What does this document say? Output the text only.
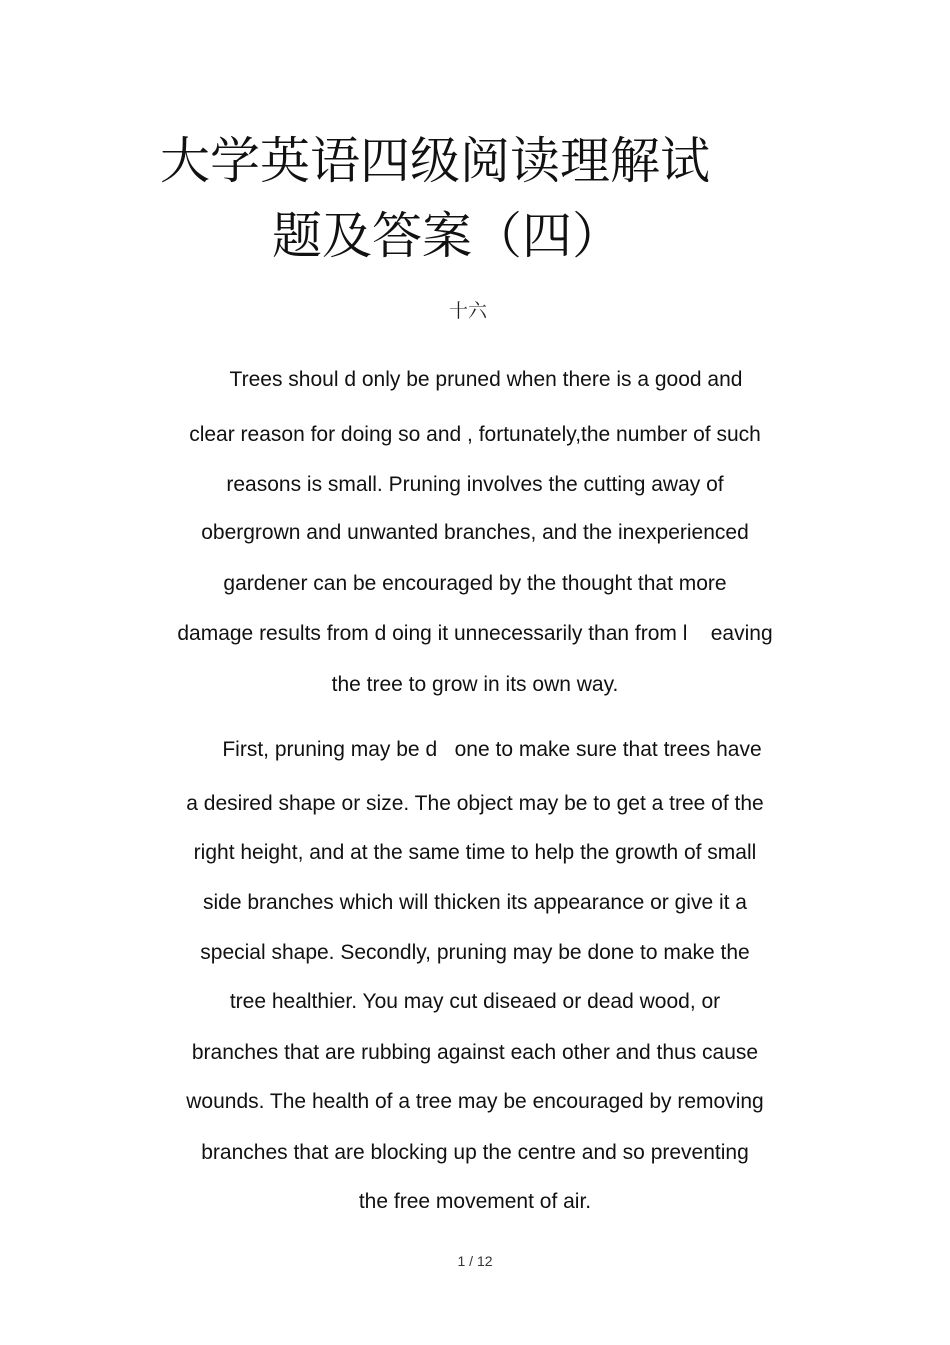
大学英语四级阅读理解试
题及答案（四）
十六
Trees shoul d only be pruned when there is a good and
clear reason for doing so and , fortunately,the number of such
reasons is small. Pruning involves the cutting away of
obergrown and unwanted branches, and the inexperienced
gardener can be encouraged by the thought that more
damage results from d oing it unnecessarily than from l    eaving
the tree to grow in its own way.
First, pruning may be d   one to make sure that trees have
a desired shape or size. The object may be to get a tree of the
right height, and at the same time to help the growth of small
side branches which will thicken its appearance or give it a
special shape. Secondly, pruning may be done to make the
tree healthier. You may cut diseaed or dead wood, or
branches that are rubbing against each other and thus cause
wounds. The health of a tree may be encouraged by removing
branches that are blocking up the centre and so preventing
the free movement of air.
1 / 12
